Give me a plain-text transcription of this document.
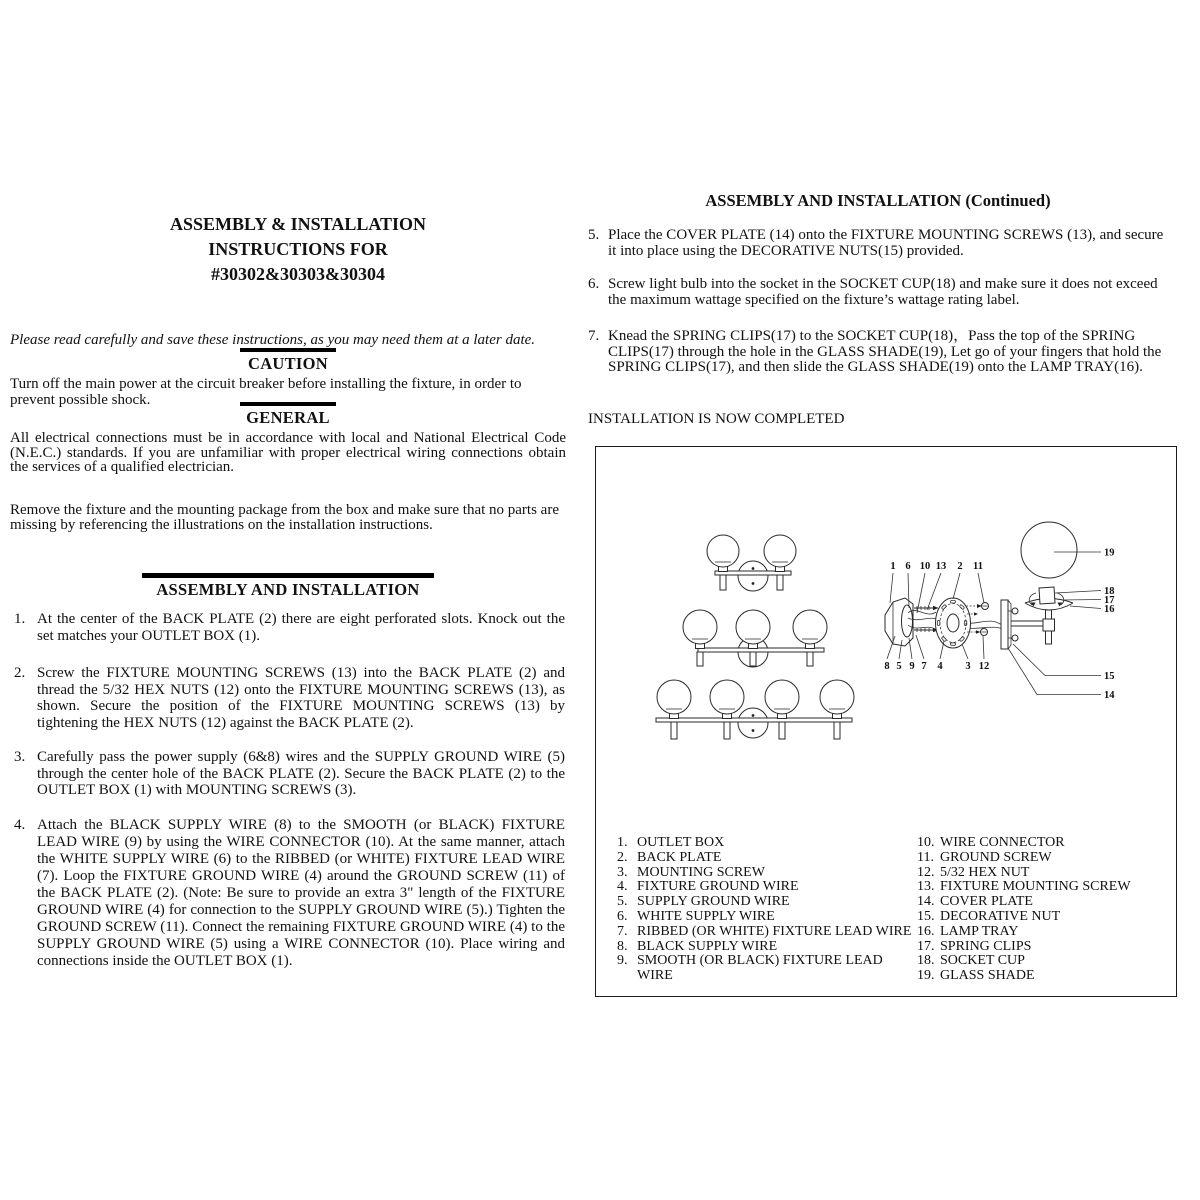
ASSEMBLY & INSTALLATION
INSTRUCTIONS FOR
#30302&30303&30304

Please read carefully and save these instructions, as you may need them at a later date.

CAUTION
Turn off the main power at the circuit breaker before installing the fixture, in order to prevent possible shock.
GENERAL
All electrical connections must be in accordance with local and National Electrical Code (N.E.C.) standards. If you are unfamiliar with proper electrical wiring connections obtain the services of a qualified electrician.
Remove the fixture and the mounting package from the box and make sure that no parts are missing by referencing the illustrations on the installation instructions.
ASSEMBLY AND INSTALLATION
1. At the center of the BACK PLATE (2) there are eight perforated slots. Knock out the set matches your OUTLET BOX (1).
2. Screw the FIXTURE MOUNTING SCREWS (13) into the BACK PLATE (2) and thread the 5/32 HEX NUTS (12) onto the FIXTURE MOUNTING SCREWS (13), as shown. Secure the position of the FIXTURE MOUNTING SCREWS (13) by tightening the HEX NUTS (12) against the BACK PLATE (2).
3. Carefully pass the power supply (6&8) wires and the SUPPLY GROUND WIRE (5) through the center hole of the BACK PLATE (2). Secure the BACK PLATE (2) to the OUTLET BOX (1) with MOUNTING SCREWS (3).
4. Attach the BLACK SUPPLY WIRE (8) to the SMOOTH (or BLACK) FIXTURE LEAD WIRE (9) by using the WIRE CONNECTOR (10). At the same manner, attach the WHITE SUPPLY WIRE (6) to the RIBBED (or WHITE) FIXTURE LEAD WIRE (7). Loop the FIXTURE GROUND WIRE (4) around the GROUND SCREW (11) of the BACK PLATE (2). (Note: Be sure to provide an extra 3" length of the FIXTURE GROUND WIRE (4) for connection to the SUPPLY GROUND WIRE (5).) Tighten the GROUND SCREW (11). Connect the remaining FIXTURE GROUND WIRE (4) to the SUPPLY GROUND WIRE (5) using a WIRE CONNECTOR (10). Place wiring and connections inside the OUTLET BOX (1).
ASSEMBLY AND INSTALLATION (Continued)
5. Place the COVER PLATE (14) onto the FIXTURE MOUNTING SCREWS (13), and secure it into place using the DECORATIVE NUTS(15) provided.
6. Screw light bulb into the socket in the SOCKET CUP(18) and make sure it does not exceed the maximum wattage specified on the fixture’s wattage rating label.
7. Knead the SPRING CLIPS(17) to the SOCKET CUP(18)，Pass the top of the SPRING CLIPS(17) through the hole in the GLASS SHADE(19), Let go of your fingers that hold the SPRING CLIPS(17), and then slide the GLASS SHADE(19) onto the LAMP TRAY(16).
INSTALLATION IS NOW COMPLETED
1 6 10 13 2 11
8 5 9 7 4 3 12
19
18
17
16
15
14
1. OUTLET BOX
2. BACK PLATE
3. MOUNTING SCREW
4. FIXTURE GROUND WIRE
5. SUPPLY GROUND WIRE
6. WHITE SUPPLY WIRE
7. RIBBED (OR WHITE) FIXTURE LEAD WIRE
8. BLACK SUPPLY WIRE
9. SMOOTH (OR BLACK) FIXTURE LEAD
WIRE
10. WIRE CONNECTOR
11. GROUND SCREW
12. 5/32 HEX NUT
13. FIXTURE MOUNTING SCREW
14. COVER PLATE
15. DECORATIVE NUT
16. LAMP TRAY
17. SPRING CLIPS
18. SOCKET CUP
19. GLASS SHADE
